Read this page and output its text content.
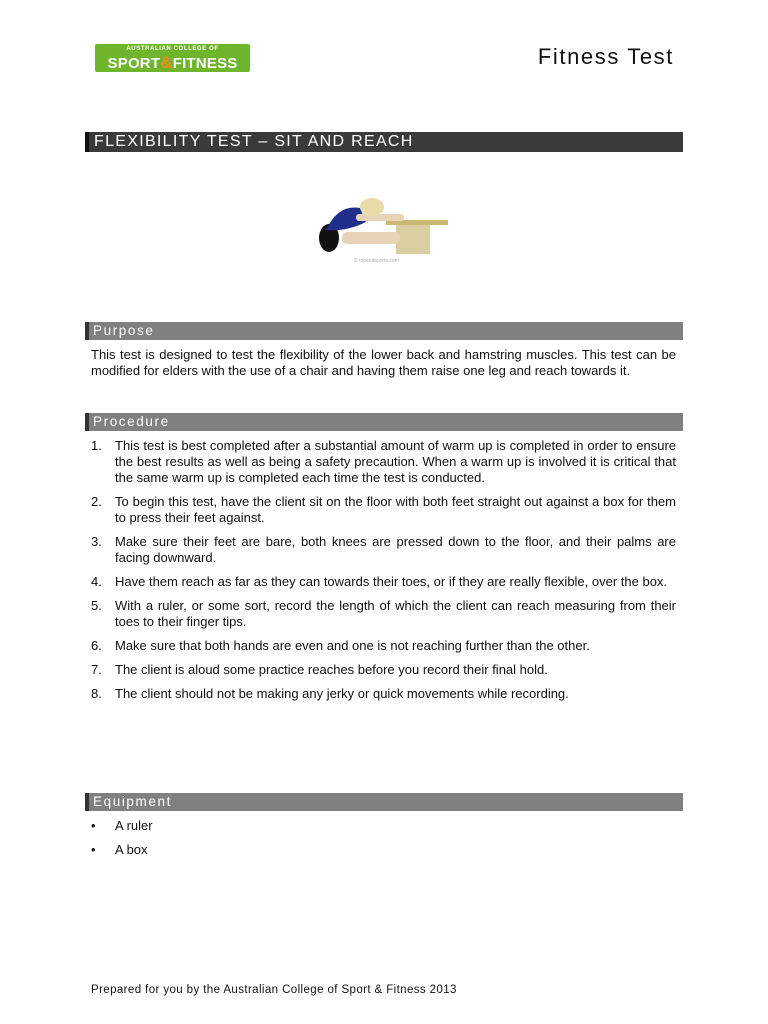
AUSTRALIAN COLLEGE OF
SPORT&FITNESS	Fitness Test
FLEXIBILITY TEST – SIT AND REACH
© topendsports.com
Purpose
This test is designed to test the flexibility of the lower back and hamstring muscles. This test can be modified for elders with the use of a chair and having them raise one leg and reach towards it.
Procedure
1. This test is best completed after a substantial amount of warm up is completed in order to ensure the best results as well as being a safety precaution. When a warm up is involved it is critical that the same warm up is completed each time the test is conducted.
2. To begin this test, have the client sit on the floor with both feet straight out against a box for them to press their feet against.
3. Make sure their feet are bare, both knees are pressed down to the floor, and their palms are facing downward.
4. Have them reach as far as they can towards their toes, or if they are really flexible, over the box.
5. With a ruler, or some sort, record the length of which the client can reach measuring from their toes to their finger tips.
6. Make sure that both hands are even and one is not reaching further than the other.
7. The client is aloud some practice reaches before you record their final hold.
8. The client should not be making any jerky or quick movements while recording.
Equipment
• A ruler
• A box
Prepared for you by the Australian College of Sport & Fitness 2013
